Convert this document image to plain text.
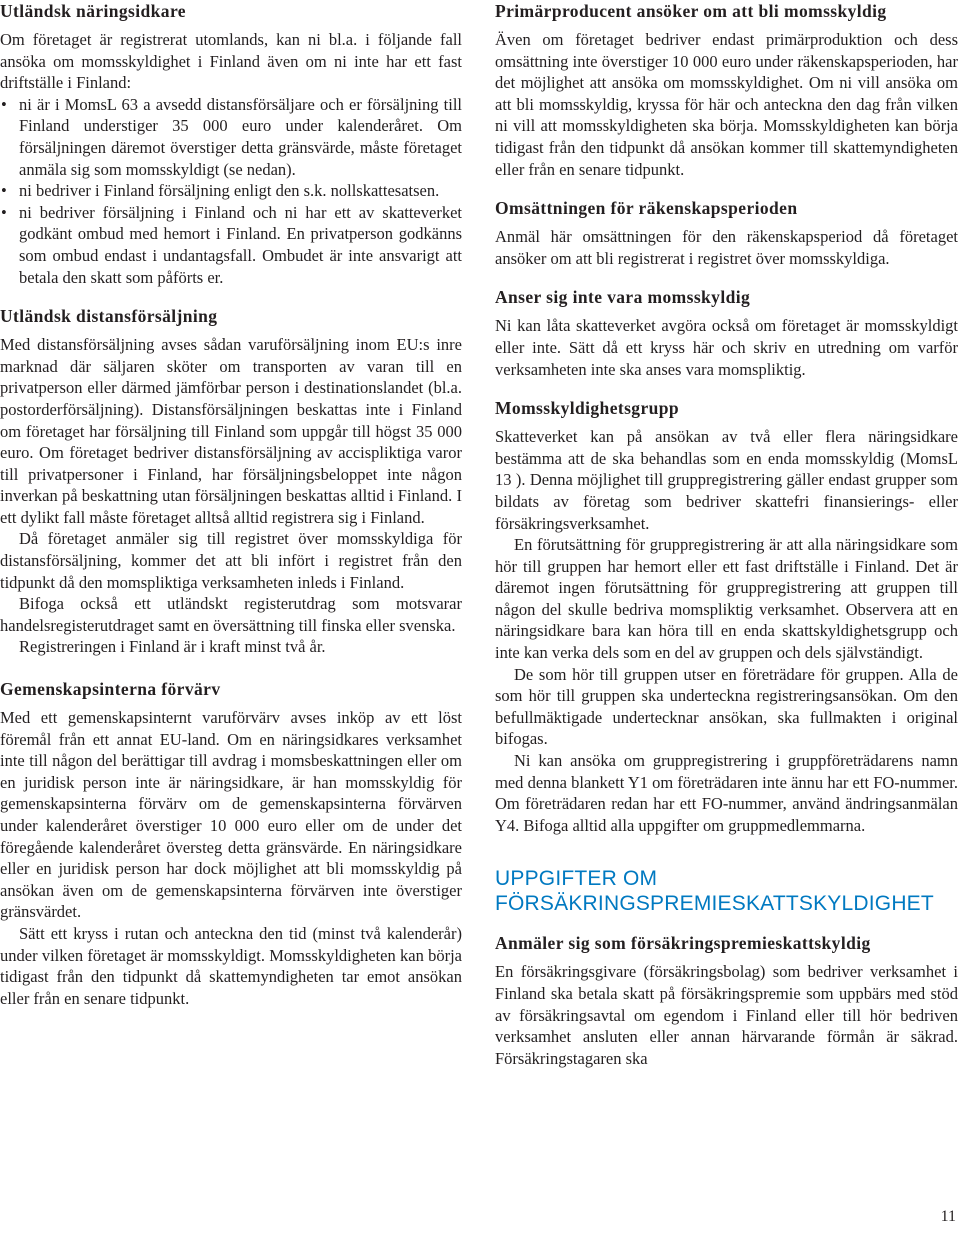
Utländsk näringsidkare

Om företaget är registrerat utomlands, kan ni bl.a. i följande fall ansöka om momsskyldighet i Finland även om ni inte har ett fast driftställe i Finland:

• ni är i MomsL 63 a avsedd distansförsäljare och er försäljning till Finland understiger 35 000 euro under kalenderåret. Om försäljningen däremot överstiger detta gränsvärde, måste företaget anmäla sig som momsskyldigt (se nedan).
• ni bedriver i Finland försäljning enligt den s.k. nollskattesatsen.
• ni bedriver försäljning i Finland och ni har ett av skatteverket godkänt ombud med hemort i Finland. En privatperson godkänns som ombud endast i undantagsfall. Ombudet är inte ansvarigt att betala den skatt som påförts er.
Utländsk distansförsäljning

Med distansförsäljning avses sådan varuförsäljning inom EU:s inre marknad där säljaren sköter om transporten av varan till en privatperson eller därmed jämförbar person i destinationslandet (bl.a. postorderförsäljning). Distansförsäljningen beskattas inte i Finland om företaget har försäljning till Finland som uppgår till högst 35 000 euro. Om företaget bedriver distansförsäljning av accispliktiga varor till privatpersoner i Finland, har försäljningsbeloppet inte någon inverkan på beskattning utan försäljningen beskattas alltid i Finland. I ett dylikt fall måste företaget alltså alltid registrera sig i Finland.

Då företaget anmäler sig till registret över momsskyldiga för distansförsäljning, kommer det att bli infört i registret från den tidpunkt då den momspliktiga verksamheten inleds i Finland.

Bifoga också ett utländskt registerutdrag som motsvarar handelsregisterutdraget samt en översättning till finska eller svenska.

Registreringen i Finland är i kraft minst två år.

Gemenskapsinterna förvärv

Med ett gemenskapsinternt varuförvärv avses inköp av ett löst föremål från ett annat EU-land. Om en näringsidkares verksamhet inte till någon del berättigar till avdrag i momsbeskattningen eller om en juridisk person inte är näringsidkare, är han momsskyldig för gemenskapsinterna förvärv om de gemenskapsinterna förvärven under kalenderåret överstiger 10 000 euro eller om de under det föregående kalenderåret översteg detta gränsvärde. En näringsidkare eller en juridisk person har dock möjlighet att bli momsskyldig på ansökan även om de gemenskapsinterna förvärven inte överstiger gränsvärdet.

Sätt ett kryss i rutan och anteckna den tid (minst två kalenderår) under vilken företaget är momsskyldigt. Momsskyldigheten kan börja tidigast från den tidpunkt då skattemyndigheten tar emot ansökan eller från en senare tidpunkt.

Primärproducent ansöker om att bli momsskyldig

Även om företaget bedriver endast primärproduktion och dess omsättning inte överstiger 10 000 euro under räkenskapsperioden, har det möjlighet att ansöka om momsskyldighet. Om ni vill ansöka om att bli momsskyldig, kryssa för här och anteckna den dag från vilken ni vill att momsskyldigheten ska börja. Momsskyldigheten kan börja tidigast från den tidpunkt då ansökan kommer till skattemyndigheten eller från en senare tidpunkt.

Omsättningen för räkenskapsperioden

Anmäl här omsättningen för den räkenskapsperiod då företaget ansöker om att bli registrerat i registret över momsskyldiga.

Anser sig inte vara momsskyldig

Ni kan låta skatteverket avgöra också om företaget är momsskyldigt eller inte. Sätt då ett kryss här och skriv en utredning om varför verksamheten inte ska anses vara momspliktig.

Momsskyldighetsgrupp

Skatteverket kan på ansökan av två eller flera näringsidkare bestämma att de ska behandlas som en enda momsskyldig (MomsL 13 ). Denna möjlighet till gruppregistrering gäller endast grupper som bildats av företag som bedriver skattefri finansierings- eller försäkringsverksamhet.

En förutsättning för gruppregistrering är att alla näringsidkare som hör till gruppen har hemort eller ett fast driftställe i Finland. Det är däremot ingen förutsättning för gruppregistrering att gruppen till någon del skulle bedriva momspliktig verksamhet. Observera att en näringsidkare bara kan höra till en enda skattskyldighetsgrupp och inte kan verka dels som en del av gruppen och dels självständigt.

De som hör till gruppen utser en företrädare för gruppen. Alla de som hör till gruppen ska underteckna registreringsansökan. Om den befullmäktigade undertecknar ansökan, ska fullmakten i original bifogas.

Ni kan ansöka om gruppregistrering i gruppföreträdarens namn med denna blankett Y1 om företrädaren inte ännu har ett FO-nummer. Om företrädaren redan har ett FO-nummer, använd ändringsanmälan Y4. Bifoga alltid alla uppgifter om gruppmedlemmarna.

UPPGIFTER OM FÖRSÄKRINGSPREMIESKATTSKYLDIGHET
Anmäler sig som försäkringspremieskattskyldig

En försäkringsgivare (försäkringsbolag) som bedriver verksamhet i Finland ska betala skatt på försäkringspremie som uppbärs med stöd av försäkringsavtal om egendom i Finland eller till hör bedriven verksamhet ansluten eller annan härvarande förmån är säkrad. Försäkringstagaren ska

11
